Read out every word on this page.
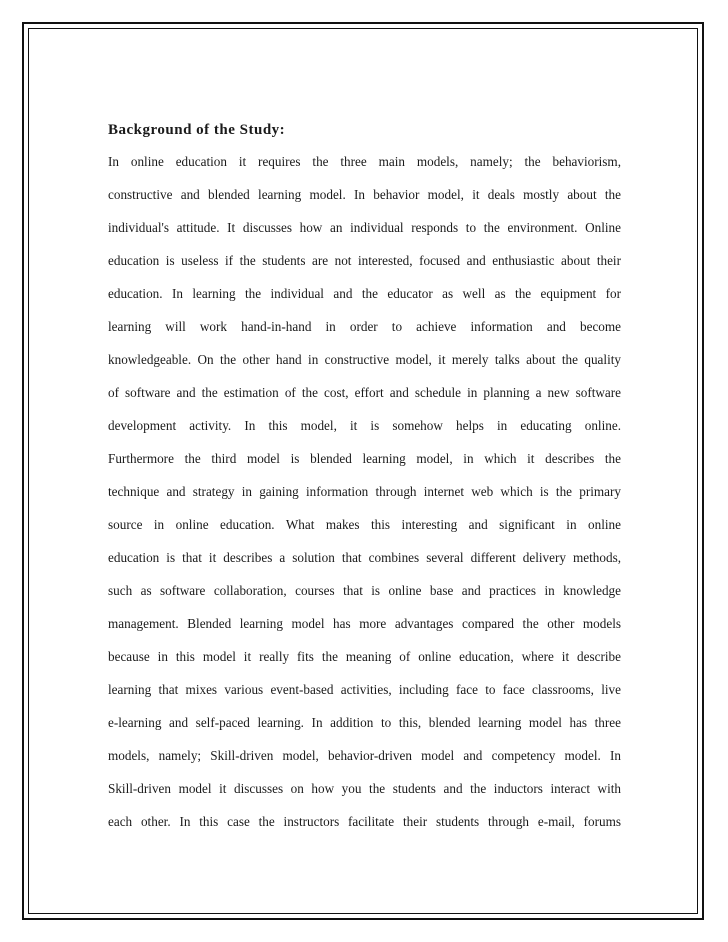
Background of the Study:
In online education it requires the three main models, namely; the behaviorism,
constructive and blended learning model. In behavior model, it deals mostly about the
individual's attitude. It discusses how an individual responds to the environment. Online
education is useless if the students are not interested, focused and enthusiastic about their
education. In learning the individual and the educator as well as the equipment for
learning will work hand-in-hand in order to achieve information and become
knowledgeable. On the other hand in constructive model, it merely talks about the quality
of software and the estimation of the cost, effort and schedule in planning a new software
development activity. In this model, it is somehow helps in educating online.
Furthermore the third model is blended learning model, in which it describes the
technique and strategy in gaining information through internet web which is the primary
source in online education. What makes this interesting and significant in online
education is that it describes a solution that combines several different delivery methods,
such as software collaboration, courses that is online base and practices in knowledge
management. Blended learning model has more advantages compared the other models
because in this model it really fits the meaning of online education, where it describe
learning that mixes various event-based activities, including face to face classrooms, live
e-learning and self-paced learning. In addition to this, blended learning model has three
models, namely; Skill-driven model, behavior-driven model and competency model. In
Skill-driven model it discusses on how you the students and the inductors interact with
each other. In this case the instructors facilitate their students through e-mail, forums
